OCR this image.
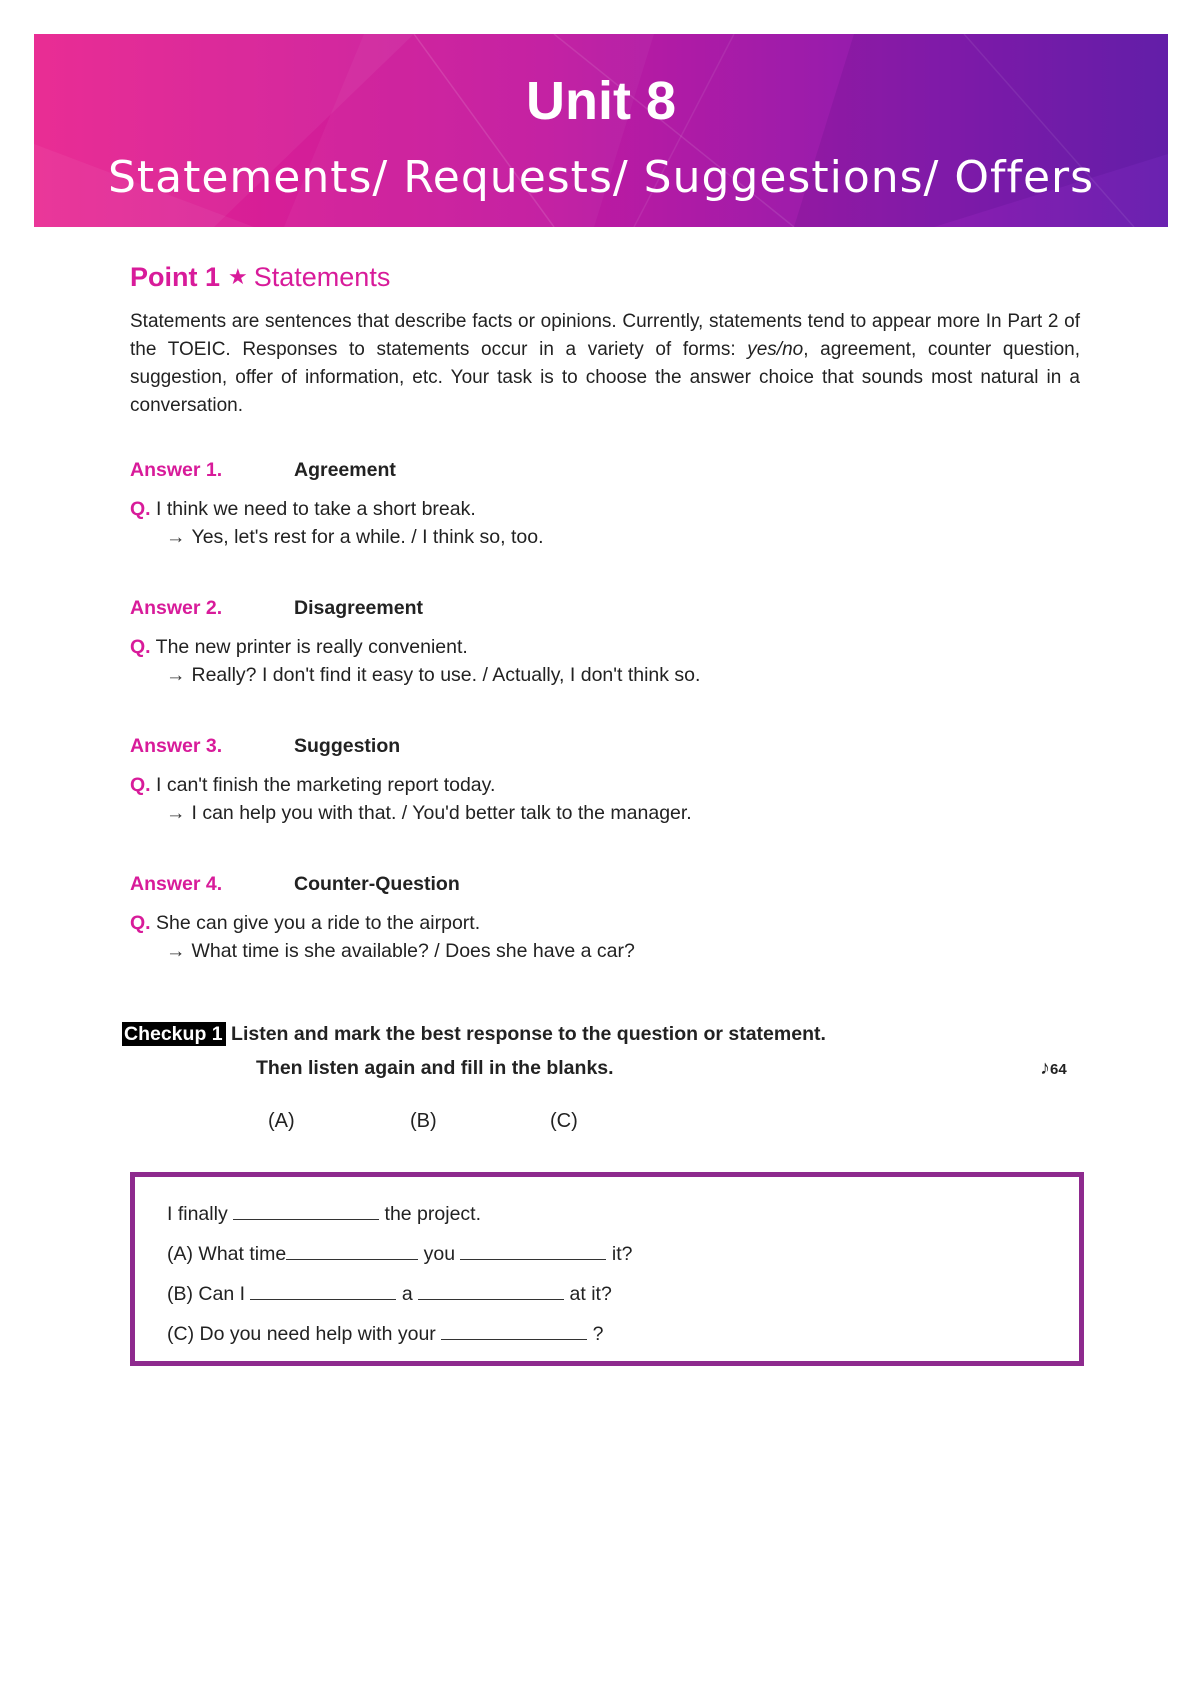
Unit 8
Statements/ Requests/ Suggestions/ Offers
Point 1 ★ Statements
Statements are sentences that describe facts or opinions. Currently, statements tend to appear more In Part 2 of the TOEIC. Responses to statements occur in a variety of forms: yes/no, agreement, counter question, suggestion, offer of information, etc. Your task is to choose the answer choice that sounds most natural in a conversation.
Answer 1.	Agreement
Q. I think we need to take a short break.
→ Yes, let's rest for a while. / I think so, too.
Answer 2.	Disagreement
Q. The new printer is really convenient.
→ Really? I don't find it easy to use. / Actually, I don't think so.
Answer 3.	Suggestion
Q. I can't finish the marketing report today.
→ I can help you with that. / You'd better talk to the manager.
Answer 4.	Counter-Question
Q. She can give you a ride to the airport.
→ What time is she available? / Does she have a car?
Checkup 1 Listen and mark the best response to the question or statement.
Then listen again and fill in the blanks.	♪64
(A)	(B)	(C)
I finally	the project.
(A) What time	you	it?
(B) Can I	a	at it?
(C) Do you need help with your	?
